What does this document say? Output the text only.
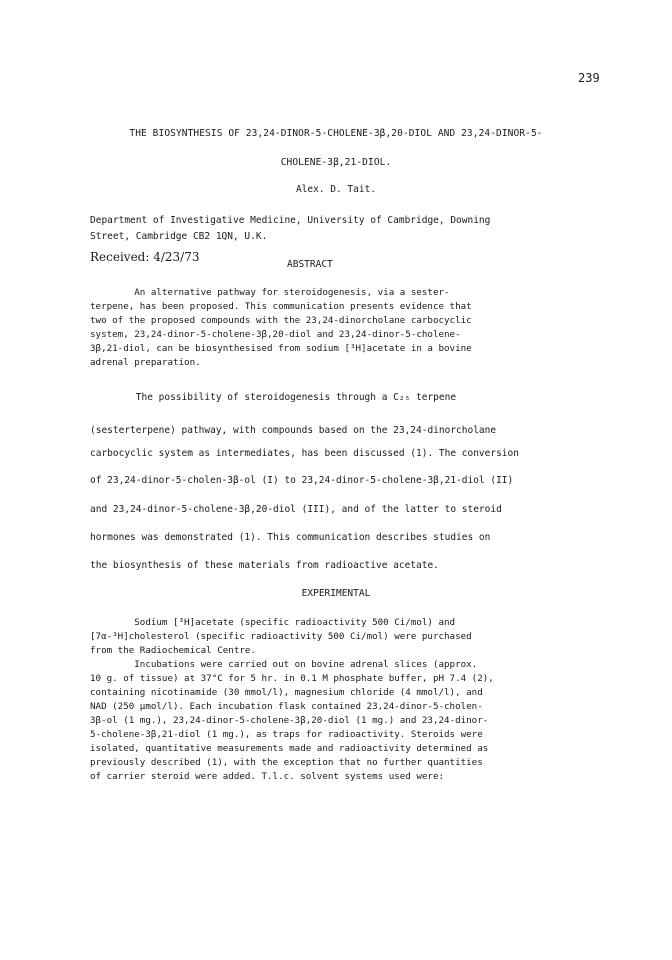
239
THE BIOSYNTHESIS OF 23,24-DINOR-5-CHOLENE-3β,20-DIOL AND 23,24-DINOR-5-
CHOLENE-3β,21-DIOL.
Alex. D. Tait.
Department of Investigative Medicine, University of Cambridge, Downing
Street, Cambridge CB2 1QN, U.K.
Received: 4/23/73
ABSTRACT
An alternative pathway for steroidogenesis, via a sester-
terpene, has been proposed. This communication presents evidence that
two of the proposed compounds with the 23,24-dinorcholane carbocyclic
system, 23,24-dinor-5-cholene-3β,20-diol and 23,24-dinor-5-cholene-
3β,21-diol, can be biosynthesised from sodium [³H]acetate in a bovine
adrenal preparation.
The possibility of steroidogenesis through a C₂₅ terpene
(sesterterpene) pathway, with compounds based on the 23,24-dinorcholane
carbocyclic system as intermediates, has been discussed (1). The conversion
of 23,24-dinor-5-cholen-3β-ol (I) to 23,24-dinor-5-cholene-3β,21-diol (II)
and 23,24-dinor-5-cholene-3β,20-diol (III), and of the latter to steroid
hormones was demonstrated (1). This communication describes studies on
the biosynthesis of these materials from radioactive acetate.
EXPERIMENTAL
Sodium [³H]acetate (specific radioactivity 500 Ci/mol) and
[7α-³H]cholesterol (specific radioactivity 500 Ci/mol) were purchased
from the Radiochemical Centre.
Incubations were carried out on bovine adrenal slices (approx.
10 g. of tissue) at 37°C for 5 hr. in 0.1 M phosphate buffer, pH 7.4 (2),
containing nicotinamide (30 mmol/l), magnesium chloride (4 mmol/l), and
NAD (250 μmol/l). Each incubation flask contained 23,24-dinor-5-cholen-
3β-ol (1 mg.), 23,24-dinor-5-cholene-3β,20-diol (1 mg.) and 23,24-dinor-
5-cholene-3β,21-diol (1 mg.), as traps for radioactivity. Steroids were
isolated, quantitative measurements made and radioactivity determined as
previously described (1), with the exception that no further quantities
of carrier steroid were added. T.l.c. solvent systems used were:
